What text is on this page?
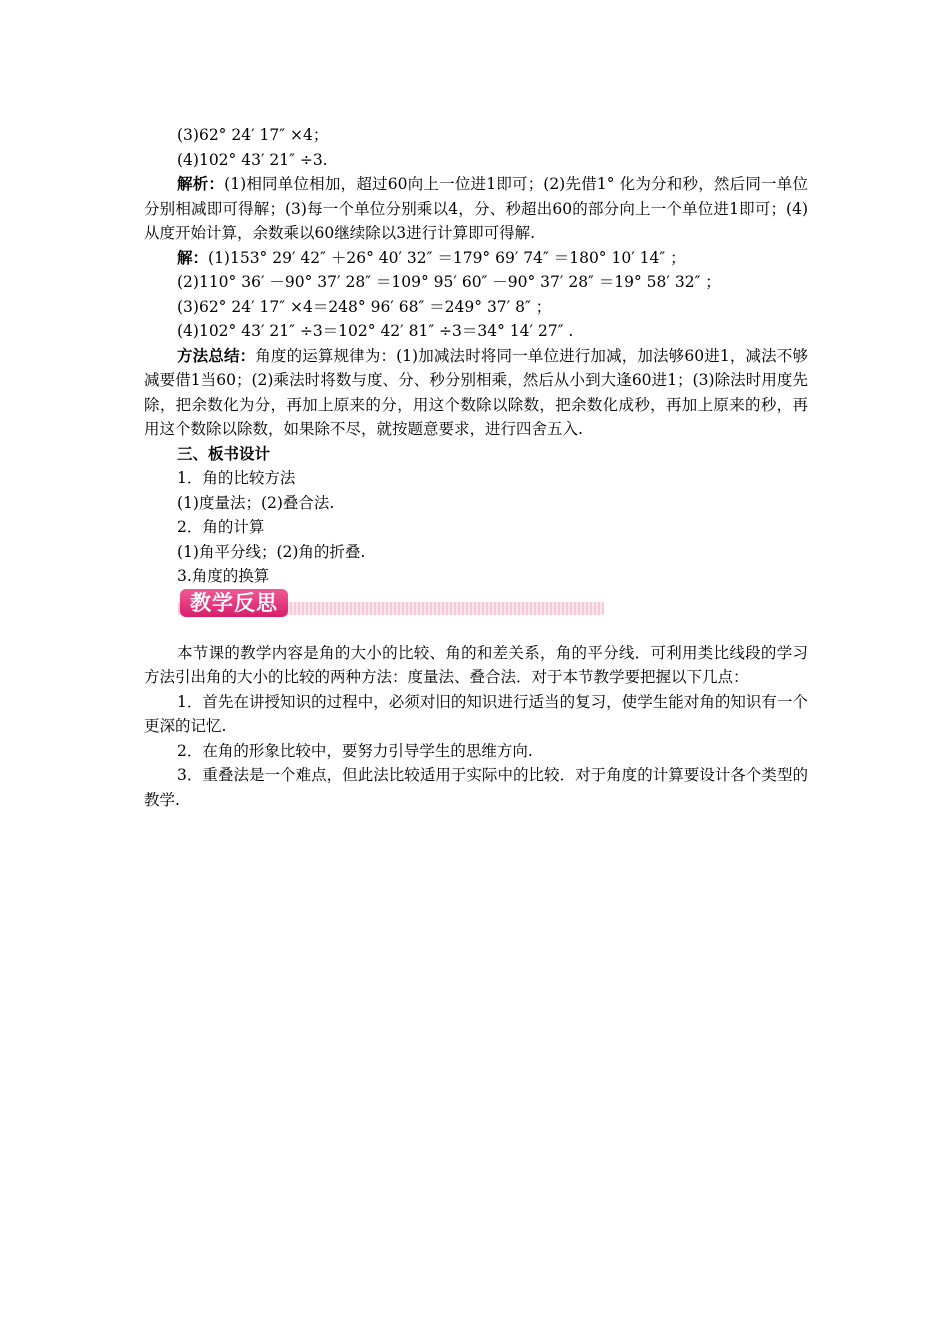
(3)62° 24′ 17″ ×4；

(4)102° 43′ 21″ ÷3.

解析：(1)相同单位相加，超过60向上一位进1即可；(2)先借1° 化为分和秒，然后同一单位分别相减即可得解；(3)每一个单位分别乘以4，分、秒超出60的部分向上一个单位进1即可；(4)从度开始计算，余数乘以60继续除以3进行计算即可得解.

解：(1)153° 29′ 42″ ＋26° 40′ 32″ ＝179° 69′ 74″ ＝180° 10′ 14″ ；

(2)110° 36′ －90° 37′ 28″ ＝109° 95′ 60″ －90° 37′ 28″ ＝19° 58′ 32″ ；

(3)62° 24′ 17″ ×4＝248° 96′ 68″ ＝249° 37′ 8″ ；

(4)102° 43′ 21″ ÷3＝102° 42′ 81″ ÷3＝34° 14′ 27″ .

方法总结：角度的运算规律为：(1)加减法时将同一单位进行加减，加法够60进1，减法不够减要借1当60；(2)乘法时将数与度、分、秒分别相乘，然后从小到大逢60进1；(3)除法时用度先除，把余数化为分，再加上原来的分，用这个数除以除数，把余数化成秒，再加上原来的秒，再用这个数除以除数，如果除不尽，就按题意要求，进行四舍五入.

三、板书设计

1．角的比较方法

(1)度量法；(2)叠合法.

2．角的计算

(1)角平分线；(2)角的折叠.

3.角度的换算

教学反思

本节课的教学内容是角的大小的比较、角的和差关系，角的平分线．可利用类比线段的学习方法引出角的大小的比较的两种方法：度量法、叠合法．对于本节教学要把握以下几点：

1．首先在讲授知识的过程中，必须对旧的知识进行适当的复习，使学生能对角的知识有一个更深的记忆.

2．在角的形象比较中，要努力引导学生的思维方向.

3．重叠法是一个难点，但此法比较适用于实际中的比较．对于角度的计算要设计各个类型的教学.
